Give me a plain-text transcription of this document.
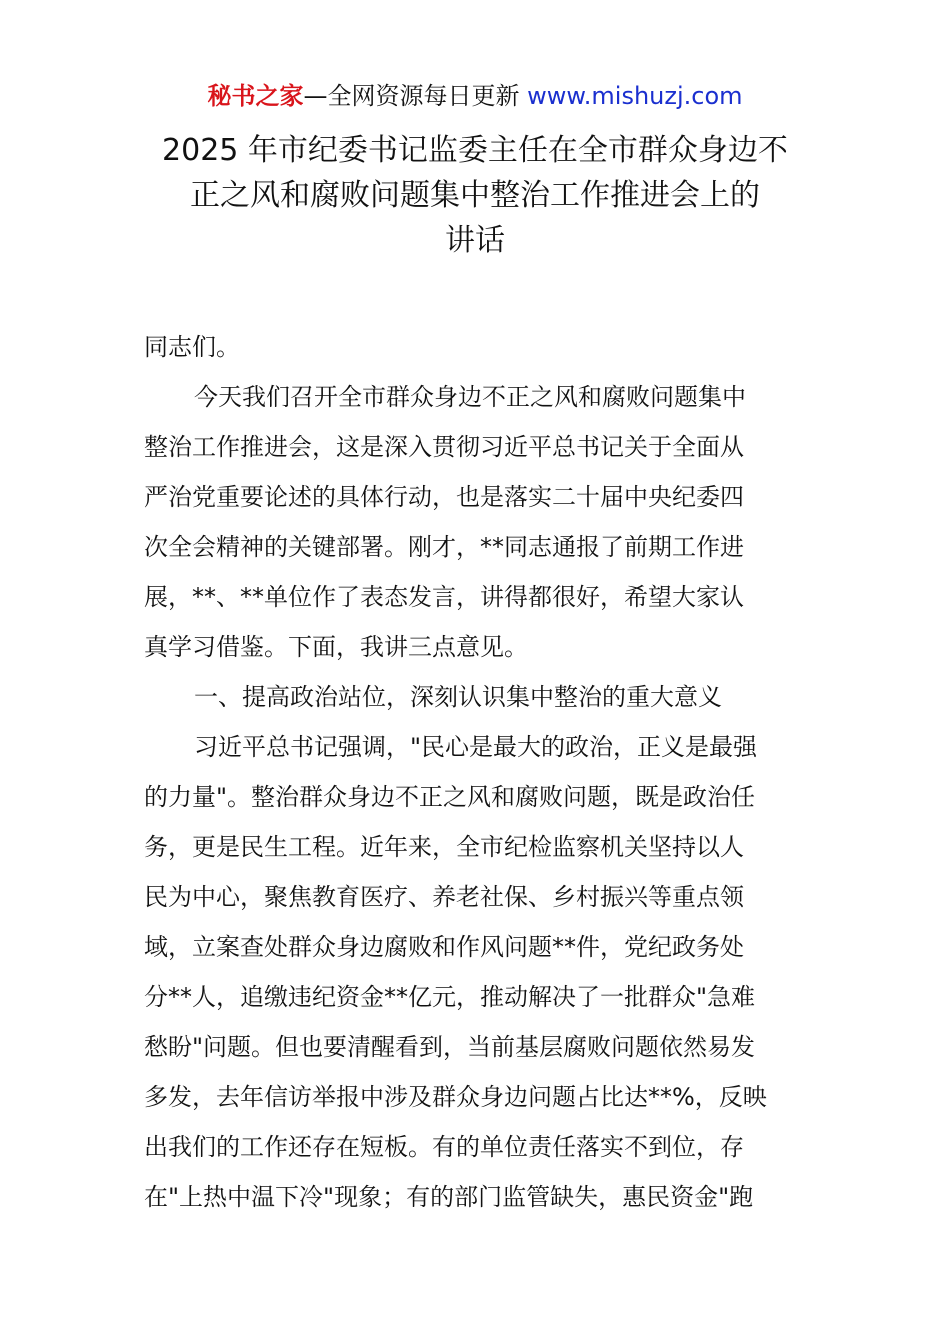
秘书之家—全网资源每日更新 www.mishuzj.com
2025 年市纪委书记监委主任在全市群众身边不
正之风和腐败问题集中整治工作推进会上的
讲话

同志们。

今天我们召开全市群众身边不正之风和腐败问题集中

整治工作推进会，这是深入贯彻习近平总书记关于全面从

严治党重要论述的具体行动，也是落实二十届中央纪委四

次全会精神的关键部署。刚才，**同志通报了前期工作进

展，**、**单位作了表态发言，讲得都很好，希望大家认

真学习借鉴。下面，我讲三点意见。

一、提高政治站位，深刻认识集中整治的重大意义

习近平总书记强调，"民心是最大的政治，正义是最强

的力量"。整治群众身边不正之风和腐败问题，既是政治任

务，更是民生工程。近年来，全市纪检监察机关坚持以人

民为中心，聚焦教育医疗、养老社保、乡村振兴等重点领

域，立案查处群众身边腐败和作风问题**件，党纪政务处

分**人，追缴违纪资金**亿元，推动解决了一批群众"急难

愁盼"问题。但也要清醒看到，当前基层腐败问题依然易发

多发，去年信访举报中涉及群众身边问题占比达**%，反映

出我们的工作还存在短板。有的单位责任落实不到位，存

在"上热中温下冷"现象；有的部门监管缺失，惠民资金"跑
